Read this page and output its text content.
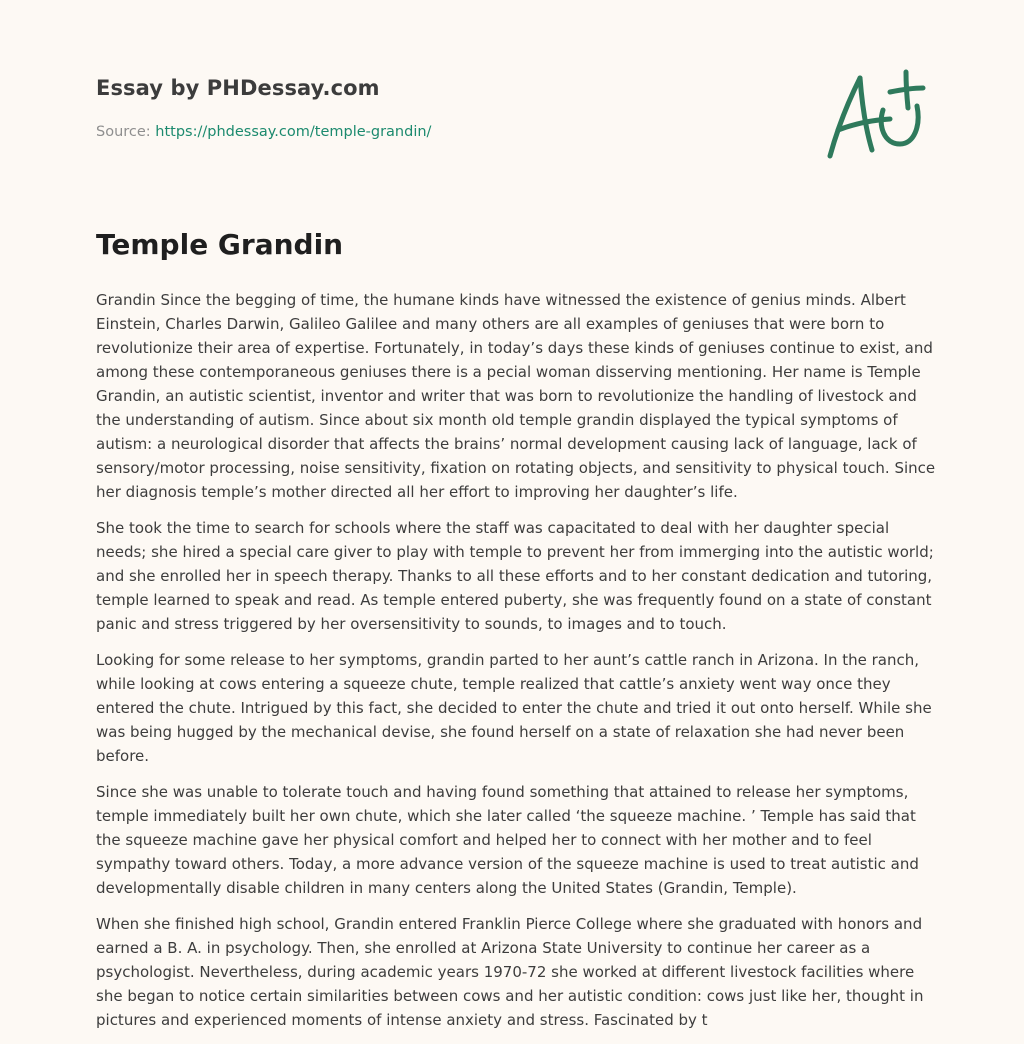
Essay by PHDessay.com
Source: https://phdessay.com/temple-grandin/
Temple Grandin

Grandin Since the begging of time, the humane kinds have witnessed the existence of genius minds. Albert Einstein, Charles Darwin, Galileo Galilee and many others are all examples of geniuses that were born to revolutionize their area of expertise. Fortunately, in today’s days these kinds of geniuses continue to exist, and among these contemporaneous geniuses there is a pecial woman disserving mentioning. Her name is Temple Grandin, an autistic scientist, inventor and writer that was born to revolutionize the handling of livestock and the understanding of autism. Since about six month old temple grandin displayed the typical symptoms of autism: a neurological disorder that affects the brains’ normal development causing lack of language, lack of sensory/motor processing, noise sensitivity, fixation on rotating objects, and sensitivity to physical touch. Since her diagnosis temple’s mother directed all her effort to improving her daughter’s life.

She took the time to search for schools where the staff was capacitated to deal with her daughter special needs; she hired a special care giver to play with temple to prevent her from immerging into the autistic world; and she enrolled her in speech therapy. Thanks to all these efforts and to her constant dedication and tutoring, temple learned to speak and read. As temple entered puberty, she was frequently found on a state of constant panic and stress triggered by her oversensitivity to sounds, to images and to touch.

Looking for some release to her symptoms, grandin parted to her aunt’s cattle ranch in Arizona. In the ranch, while looking at cows entering a squeeze chute, temple realized that cattle’s anxiety went way once they entered the chute. Intrigued by this fact, she decided to enter the chute and tried it out onto herself. While she was being hugged by the mechanical devise, she found herself on a state of relaxation she had never been before.

Since she was unable to tolerate touch and having found something that attained to release her symptoms, temple immediately built her own chute, which she later called ‘the squeeze machine. ’ Temple has said that the squeeze machine gave her physical comfort and helped her to connect with her mother and to feel sympathy toward others. Today, a more advance version of the squeeze machine is used to treat autistic and developmentally disable children in many centers along the United States (Grandin, Temple).

When she finished high school, Grandin entered Franklin Pierce College where she graduated with honors and earned a B. A. in psychology. Then, she enrolled at Arizona State University to continue her career as a psychologist. Nevertheless, during academic years 1970-72 she worked at different livestock facilities where she began to notice certain similarities between cows and her autistic condition: cows just like her, thought in pictures and experienced moments of intense anxiety and stress. Fascinated by t
